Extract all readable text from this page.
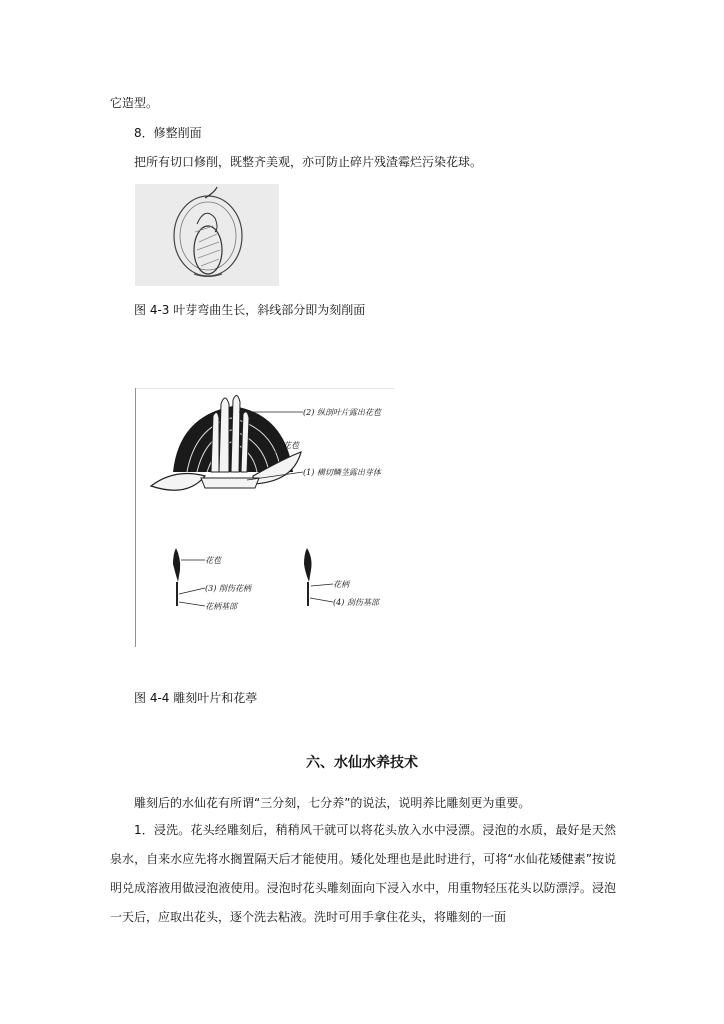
它造型。
8．修整削面
把所有切口修削，既整齐美观，亦可防止碎片残渣霉烂污染花球。
图 4-3 叶芽弯曲生长，斜线部分即为刻削面
(2) 纵剖叶片露出花苞
花苞
(1) 横切鳞茎露出芽体
花苞
(3) 削伤花柄
花柄基部
花柄
(4) 刮伤基部
图 4-4 雕刻叶片和花葶
六、水仙水养技术
雕刻后的水仙花有所谓“三分刻，七分养”的说法，说明养比雕刻更为重要。
1．浸洗。花头经雕刻后，稍稍风干就可以将花头放入水中浸漂。浸泡的水质，最好是天然泉水，自来水应先将水搁置隔天后才能使用。矮化处理也是此时进行，可将“水仙花矮健素”按说明兑成溶液用做浸泡液使用。浸泡时花头雕刻面向下浸入水中，用重物轻压花头以防漂浮。浸泡一天后，应取出花头，逐个洗去粘液。洗时可用手拿住花头，将雕刻的一面
